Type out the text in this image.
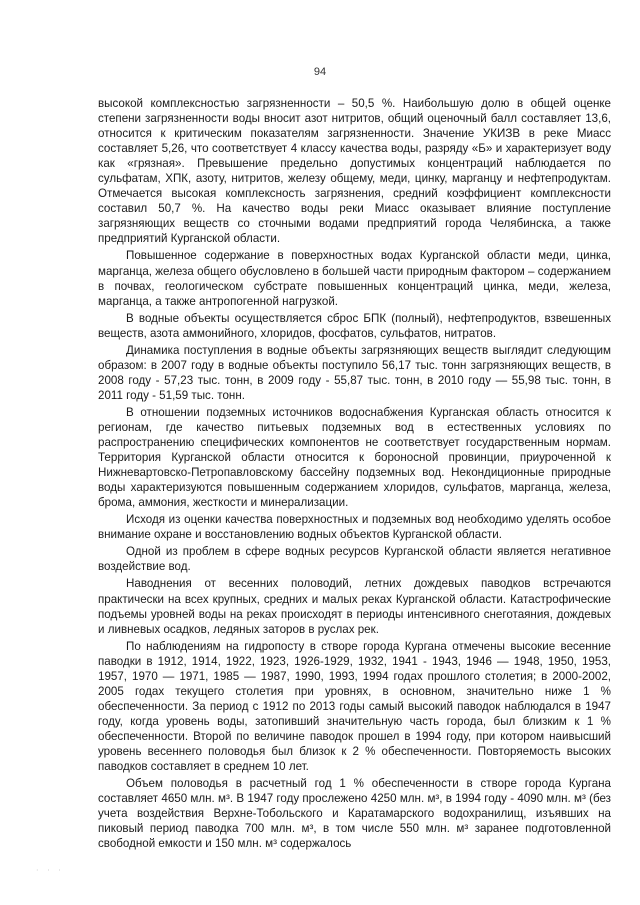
94

высокой комплексностью загрязненности – 50,5 %. Наибольшую долю в общей оценке степени загрязненности воды вносит азот нитритов, общий оценочный балл составляет 13,6, относится к критическим показателям загрязненности. Значение УКИЗВ в реке Миасс составляет 5,26, что соответствует 4 классу качества воды, разряду «Б» и характеризует воду как «грязная». Превышение предельно допустимых концентраций наблюдается по сульфатам, ХПК, азоту, нитритов, железу общему, меди, цинку, марганцу и нефтепродуктам. Отмечается высокая комплексность загрязнения, средний коэффициент комплексности составил 50,7 %. На качество воды реки Миасс оказывает влияние поступление загрязняющих веществ со сточными водами предприятий города Челябинска, а также предприятий Курганской области.

Повышенное содержание в поверхностных водах Курганской области меди, цинка, марганца, железа общего обусловлено в большей части природным фактором – содержанием в почвах, геологическом субстрате повышенных концентраций цинка, меди, железа, марганца, а также антропогенной нагрузкой.

В водные объекты осуществляется сброс БПК (полный), нефтепродуктов, взвешенных веществ, азота аммонийного, хлоридов, фосфатов, сульфатов, нитратов.

Динамика поступления в водные объекты загрязняющих веществ выглядит следующим образом: в 2007 году в водные объекты поступило 56,17 тыс. тонн загрязняющих веществ, в 2008 году - 57,23 тыс. тонн, в 2009 году - 55,87 тыс. тонн, в 2010 году — 55,98 тыс. тонн, в 2011 году - 51,59 тыс. тонн.

В отношении подземных источников водоснабжения Курганская область относится к регионам, где качество питьевых подземных вод в естественных условиях по распространению специфических компонентов не соответствует государственным нормам. Территория Курганской области относится к бороносной провинции, приуроченной к Нижневартовско-Петропавловскому бассейну подземных вод. Некондиционные природные воды характеризуются повышенным содержанием хлоридов, сульфатов, марганца, железа, брома, аммония, жесткости и минерализации.

Исходя из оценки качества поверхностных и подземных вод необходимо уделять особое внимание охране и восстановлению водных объектов Курганской области.

Одной из проблем в сфере водных ресурсов Курганской области является негативное воздействие вод.

Наводнения от весенних половодий, летних дождевых паводков встречаются практически на всех крупных, средних и малых реках Курганской области. Катастрофические подъемы уровней воды на реках происходят в периоды интенсивного снеготаяния, дождевых и ливневых осадков, ледяных заторов в руслах рек.

По наблюдениям на гидропосту в створе города Кургана отмечены высокие весенние паводки в 1912, 1914, 1922, 1923, 1926-1929, 1932, 1941 - 1943, 1946 — 1948, 1950, 1953, 1957, 1970 — 1971, 1985 — 1987, 1990, 1993, 1994 годах прошлого столетия; в 2000-2002, 2005 годах текущего столетия при уровнях, в основном, значительно ниже 1 % обеспеченности. За период с 1912 по 2013 годы самый высокий паводок наблюдался в 1947 году, когда уровень воды, затопивший значительную часть города, был близким к 1 % обеспеченности. Второй по величине паводок прошел в 1994 году, при котором наивысший уровень весеннего половодья был близок к 2 % обеспеченности. Повторяемость высоких паводков составляет в среднем 10 лет.

Объем половодья в расчетный год 1 % обеспеченности в створе города Кургана составляет 4650 млн. м³. В 1947 году прослежено 4250 млн. м³, в 1994 году - 4090 млн. м³ (без учета воздействия Верхне-Тобольского и Каратамарского водохранилищ, изъявших на пиковый период паводка 700 млн. м³, в том числе 550 млн. м³ заранее подготовленной свободной емкости и 150 млн. м³ содержалось

· · ·
